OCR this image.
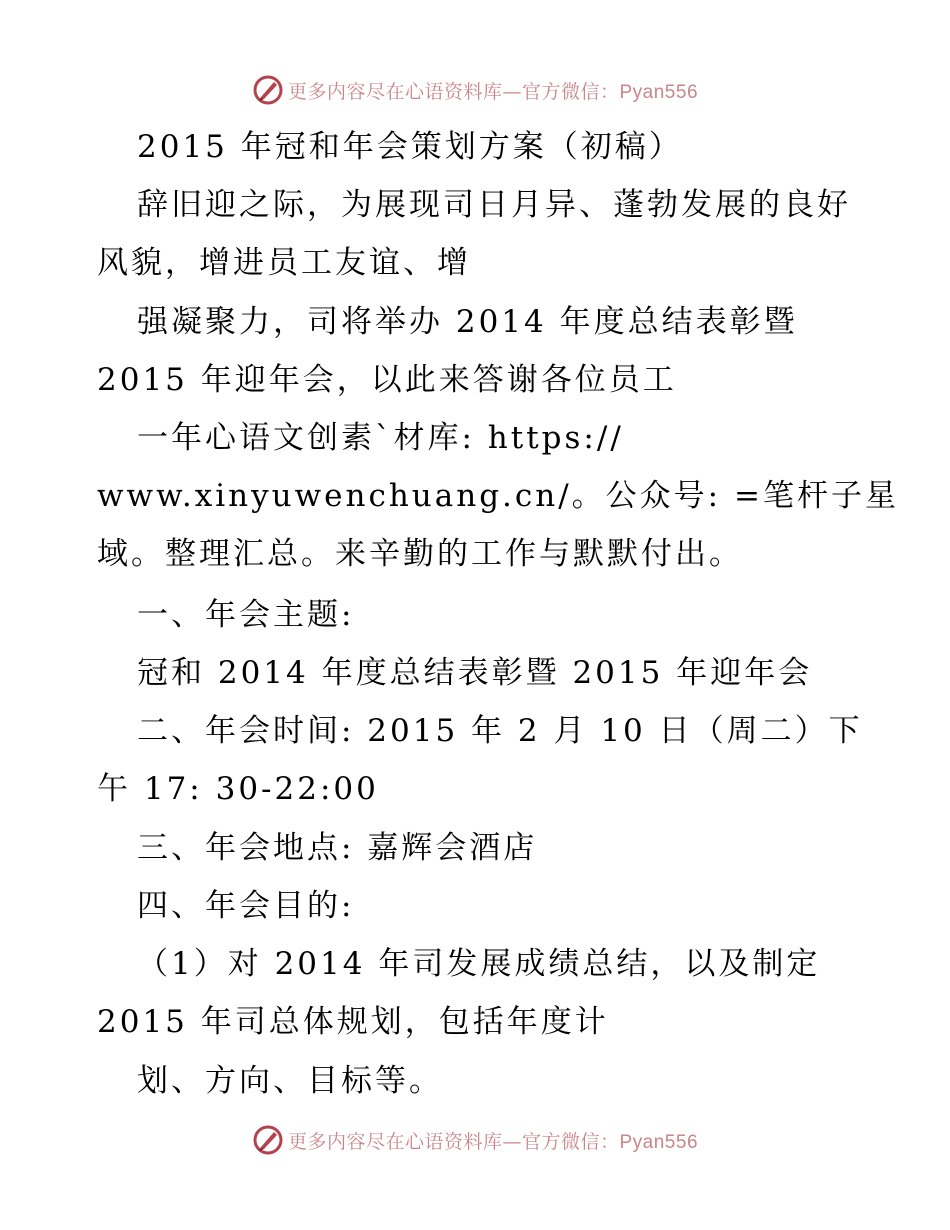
更多内容尽在心语资料库—官方微信：Pyan556
2015 年冠和年会策划方案（初稿）
辞旧迎之际，为展现司日月异、蓬勃发展的良好
风貌，增进员工友谊、增
强凝聚力，司将举办 2014 年度总结表彰暨
2015 年迎年会，以此来答谢各位员工
一年心语文创素`材库: https://
www.xinyuwenchuang.cn/。公众号: =笔杆子星
域。整理汇总。来辛勤的工作与默默付出。
一、年会主题:
冠和 2014 年度总结表彰暨 2015 年迎年会
二、年会时间: 2015 年 2 月 10 日（周二）下
午 17: 30-22:00
三、年会地点: 嘉辉会酒店
四、年会目的:
（1）对 2014 年司发展成绩总结，以及制定
2015 年司总体规划，包括年度计
划、方向、目标等。
更多内容尽在心语资料库—官方微信：Pyan556
